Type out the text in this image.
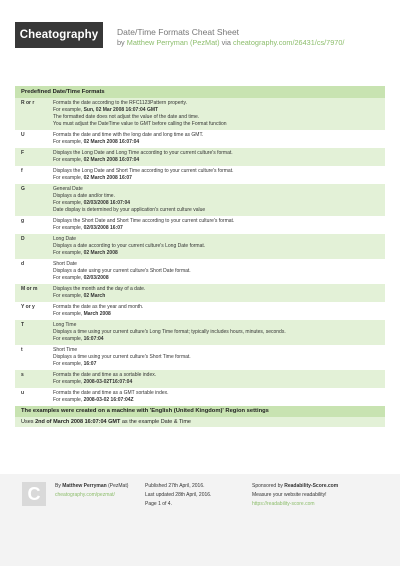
Cheatography	Date/Time Formats Cheat Sheet
by Matthew Perryman (PezMat) via cheatography.com/26431/cs/7970/
Predefined Date/Time Formats
R or r	Formats the date according to the RFC1123Pattern property.
For example, Sun, 02 Mar 2008 16:07:04 GMT
The formatted date does not adjust the value of the date and time.
You must adjust the DateTime value to GMT before calling the Format function
U	Formats the date and time with the long date and long time as GMT.
For example, 02 March 2008 16:07:04
F	Displays the Long Date and Long Time according to your current culture's format.
For example, 02 March 2008 16:07:04
f	Displays the Long Date and Short Time according to your current culture's format.
For example, 02 March 2008 16:07
G	General Date
Displays a date and/or time.
For example, 02/03/2008 16:07:04
Date display is determined by your application's current culture value
g	Displays the Short Date and Short Time according to your current culture's format.
For example, 02/03/2008 16:07
D	Long Date
Displays a date according to your current culture's Long Date format.
For example, 02 March 2008
d	Short Date
Displays a date using your current culture's Short Date format.
For example, 02/03/2008
M or m	Displays the month and the day of a date.
For example, 02 March
Y or y	Formats the date as the year and month.
For example, March 2008
T	Long Time
Displays a time using your current culture's Long Time format; typically includes hours, minutes, seconds.
For example, 16:07:04
t	Short Time
Displays a time using your current culture's Short Time format.
For example, 16:07
s	Formats the date and time as a sortable index.
For example, 2008-03-02T16:07:04
u	Formats the date and time as a GMT sortable index.
For example, 2008-03-02 16:07:04Z
The examples were created on a machine with 'English (United Kingdom)' Region settings
Uses 2nd of March 2008 16:07:04 GMT as the example Date & Time
C	By Matthew Perryman (PezMat)
cheatography.com/pezmat/
Published 27th April, 2016.
Last updated 28th April, 2016.
Page 1 of 4.
Sponsored by Readability-Score.com
Measure your website readability!
https://readability-score.com
